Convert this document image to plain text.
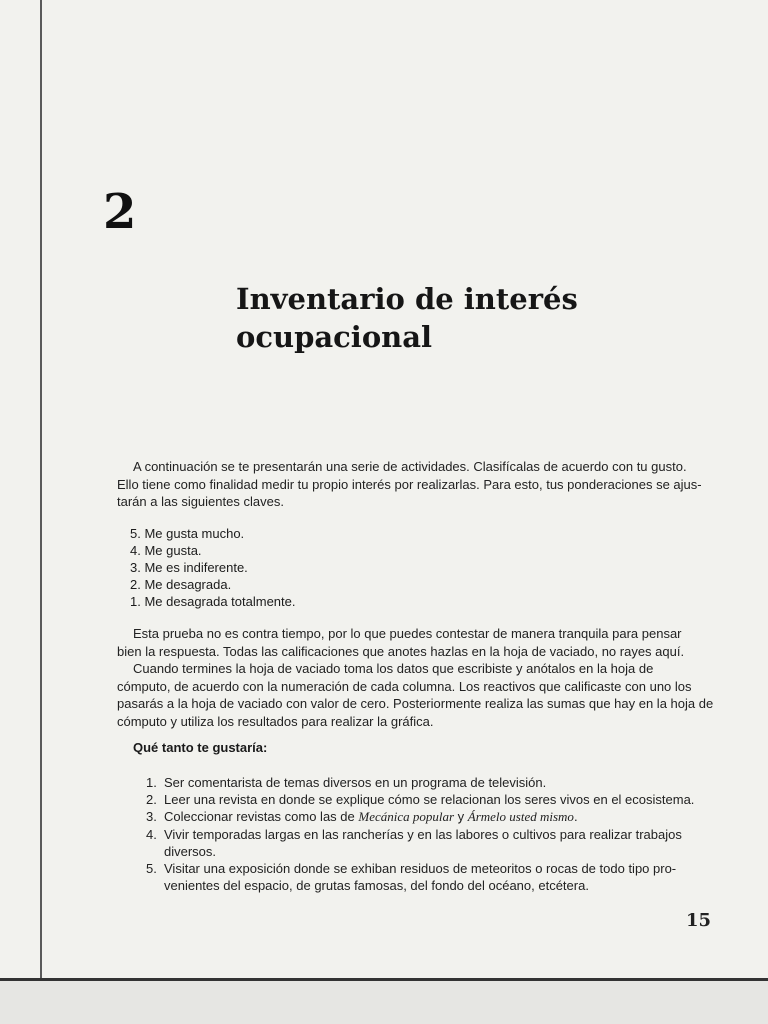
2
Inventario de interés
ocupacional
A continuación se te presentarán una serie de actividades. Clasifícalas de acuerdo con tu gusto.
Ello tiene como finalidad medir tu propio interés por realizarlas. Para esto, tus ponderaciones se ajus-
tarán a las siguientes claves.
5. Me gusta mucho.
4. Me gusta.
3. Me es indiferente.
2. Me desagrada.
1. Me desagrada totalmente.
Esta prueba no es contra tiempo, por lo que puedes contestar de manera tranquila para pensar
bien la respuesta. Todas las calificaciones que anotes hazlas en la hoja de vaciado, no rayes aquí.
Cuando termines la hoja de vaciado toma los datos que escribiste y anótalos en la hoja de
cómputo, de acuerdo con la numeración de cada columna. Los reactivos que calificaste con uno los
pasarás a la hoja de vaciado con valor de cero. Posteriormente realiza las sumas que hay en la hoja de
cómputo y utiliza los resultados para realizar la gráfica.
Qué tanto te gustaría:
1. Ser comentarista de temas diversos en un programa de televisión.
2. Leer una revista en donde se explique cómo se relacionan los seres vivos en el ecosistema.
3. Coleccionar revistas como las de Mecánica popular y Ármelo usted mismo.
4. Vivir temporadas largas en las rancherías y en las labores o cultivos para realizar trabajos
diversos.
5. Visitar una exposición donde se exhiban residuos de meteoritos o rocas de todo tipo pro-
venientes del espacio, de grutas famosas, del fondo del océano, etcétera.
15
